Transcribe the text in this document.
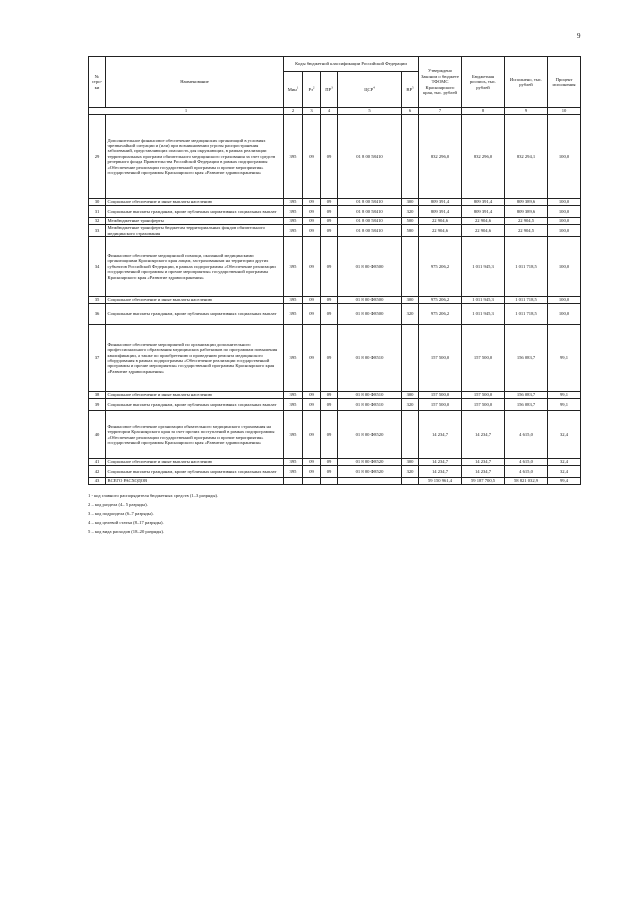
9
№ стро-ки	Наименование	Коды бюджетной классификации Российской Федерации					Утверждено Законом о бюджете ТФОМС Красноярского края, тыс. рублей	Бюджетная роспись, тыс. рублей	Исполнено, тыс. рублей	Процент исполнения
		Мин$^1$	$Рз^2$	$ПР^3$	ЦСР$^4$	$ВР^5$
1		2	3	4	5	6	7	8	9	10
29	Дополнительное финансовое обеспечение медицинских организаций в условиях чрезвычайной ситуации и (или) при возникновении угрозы распространения заболеваний, представляющих опасность для окружающих, в рамках реализации территориальных программ обязательного медицинского страхования за счет средств резервного фонда Правительства Российской Федерации в рамках подпрограммы «Обеспечение реализации государственной программы и прочие мероприятия» государственной программы Красноярского края «Развитие здравоохранения»	395	09	09	01 8 00 58410		832 296,0	832 296,0	832 294,1	100,0
30	Социальное обеспечение и иные выплаты населению	395	09	09	01 8 00 58410	300	809 391,4	809 391,4	809 389,6	100,0
31	Социальные выплаты гражданам, кроме публичных нормативных социальных выплат	395	09	09	01 8 00 58410	320	809 391,4	809 391,4	809 389,6	100,0
32	Межбюджетные трансферты	395	09	09	01 8 00 58410	500	22 904,6	22 904,6	22 904,5	100,0
33	Межбюджетные трансферты бюджетам территориальных фондов обязательного медицинского страхования	395	09	09	01 8 00 58410	580	22 904,6	22 904,6	22 904,5	100,0
34	Финансовое обеспечение медицинской помощи, оказанной медицинскими организациями Красноярского края лицам, застрахованным на территории других субъектов Российской Федерации, в рамках подпрограммы «Обеспечение реализации государственной программы и прочие мероприятия» государственной программы Красноярского края «Развитие здравоохранения»	395	09	09	01 8 00 Ф8500		975 206,2	1 011 945,3	1 011 718,5	100,0
35	Социальное обеспечение и иные выплаты населению	395	09	09	01 8 00 Ф8500	300	975 206,2	1 011 945,3	1 011 718,5	100,0
36	Социальные выплаты гражданам, кроме публичных нормативных социальных выплат	395	09	09	01 8 00 Ф8500	320	975 206,2	1 011 945,3	1 011 718,5	100,0
37	Финансовое обеспечение мероприятий по организации дополнительного профессионального образования медицинских работников по программам повышения квалификации, а также по приобретению и проведению ремонта медицинского оборудования в рамках подпрограммы «Обеспечение реализации государственной программы и прочие мероприятия» государственной программы Красноярского края «Развитие здравоохранения»	395	09	09	01 8 00 Ф8510		157 500,0	157 500,0	156 083,7	99,1
38	Социальное обеспечение и иные выплаты населению	395	09	09	01 8 00 Ф8510	300	157 500,0	157 500,0	156 083,7	99,1
39	Социальные выплаты гражданам, кроме публичных нормативных социальных выплат	395	09	09	01 8 00 Ф8510	320	157 500,0	157 500,0	156 083,7	99,1
40	Финансовое обеспечение организации обязательного медицинского страхования на территории Красноярского края за счет прочих поступлений в рамках подпрограммы «Обеспечение реализации государственной программы и прочие мероприятия» государственной программы Красноярского края «Развитие здравоохранения»	395	09	09	01 8 00 Ф8520		14 234,7	14 234,7	4 615,0	32,4
41	Социальное обеспечение и иные выплаты населению	395	09	09	01 8 00 Ф8520	300	14 234,7	14 234,7	4 615,0	32,4
42	Социальные выплаты гражданам, кроме публичных нормативных социальных выплат	395	09	09	01 8 00 Ф8520	320	14 234,7	14 234,7	4 615,0	32,4
43	ВСЕГО РАСХОДОВ						59 150 961,4	59 187 700,5	58 821 032,9	99,4
1 - код главного распорядителя бюджетных средств (1–3 разряды).
2 – код раздела (4– 5 разряды).
3 – код подраздела (6–7 разряды).
4 – код целевой статьи (8–17 разряды).
5 – код вида расходов (18–20 разряды).
